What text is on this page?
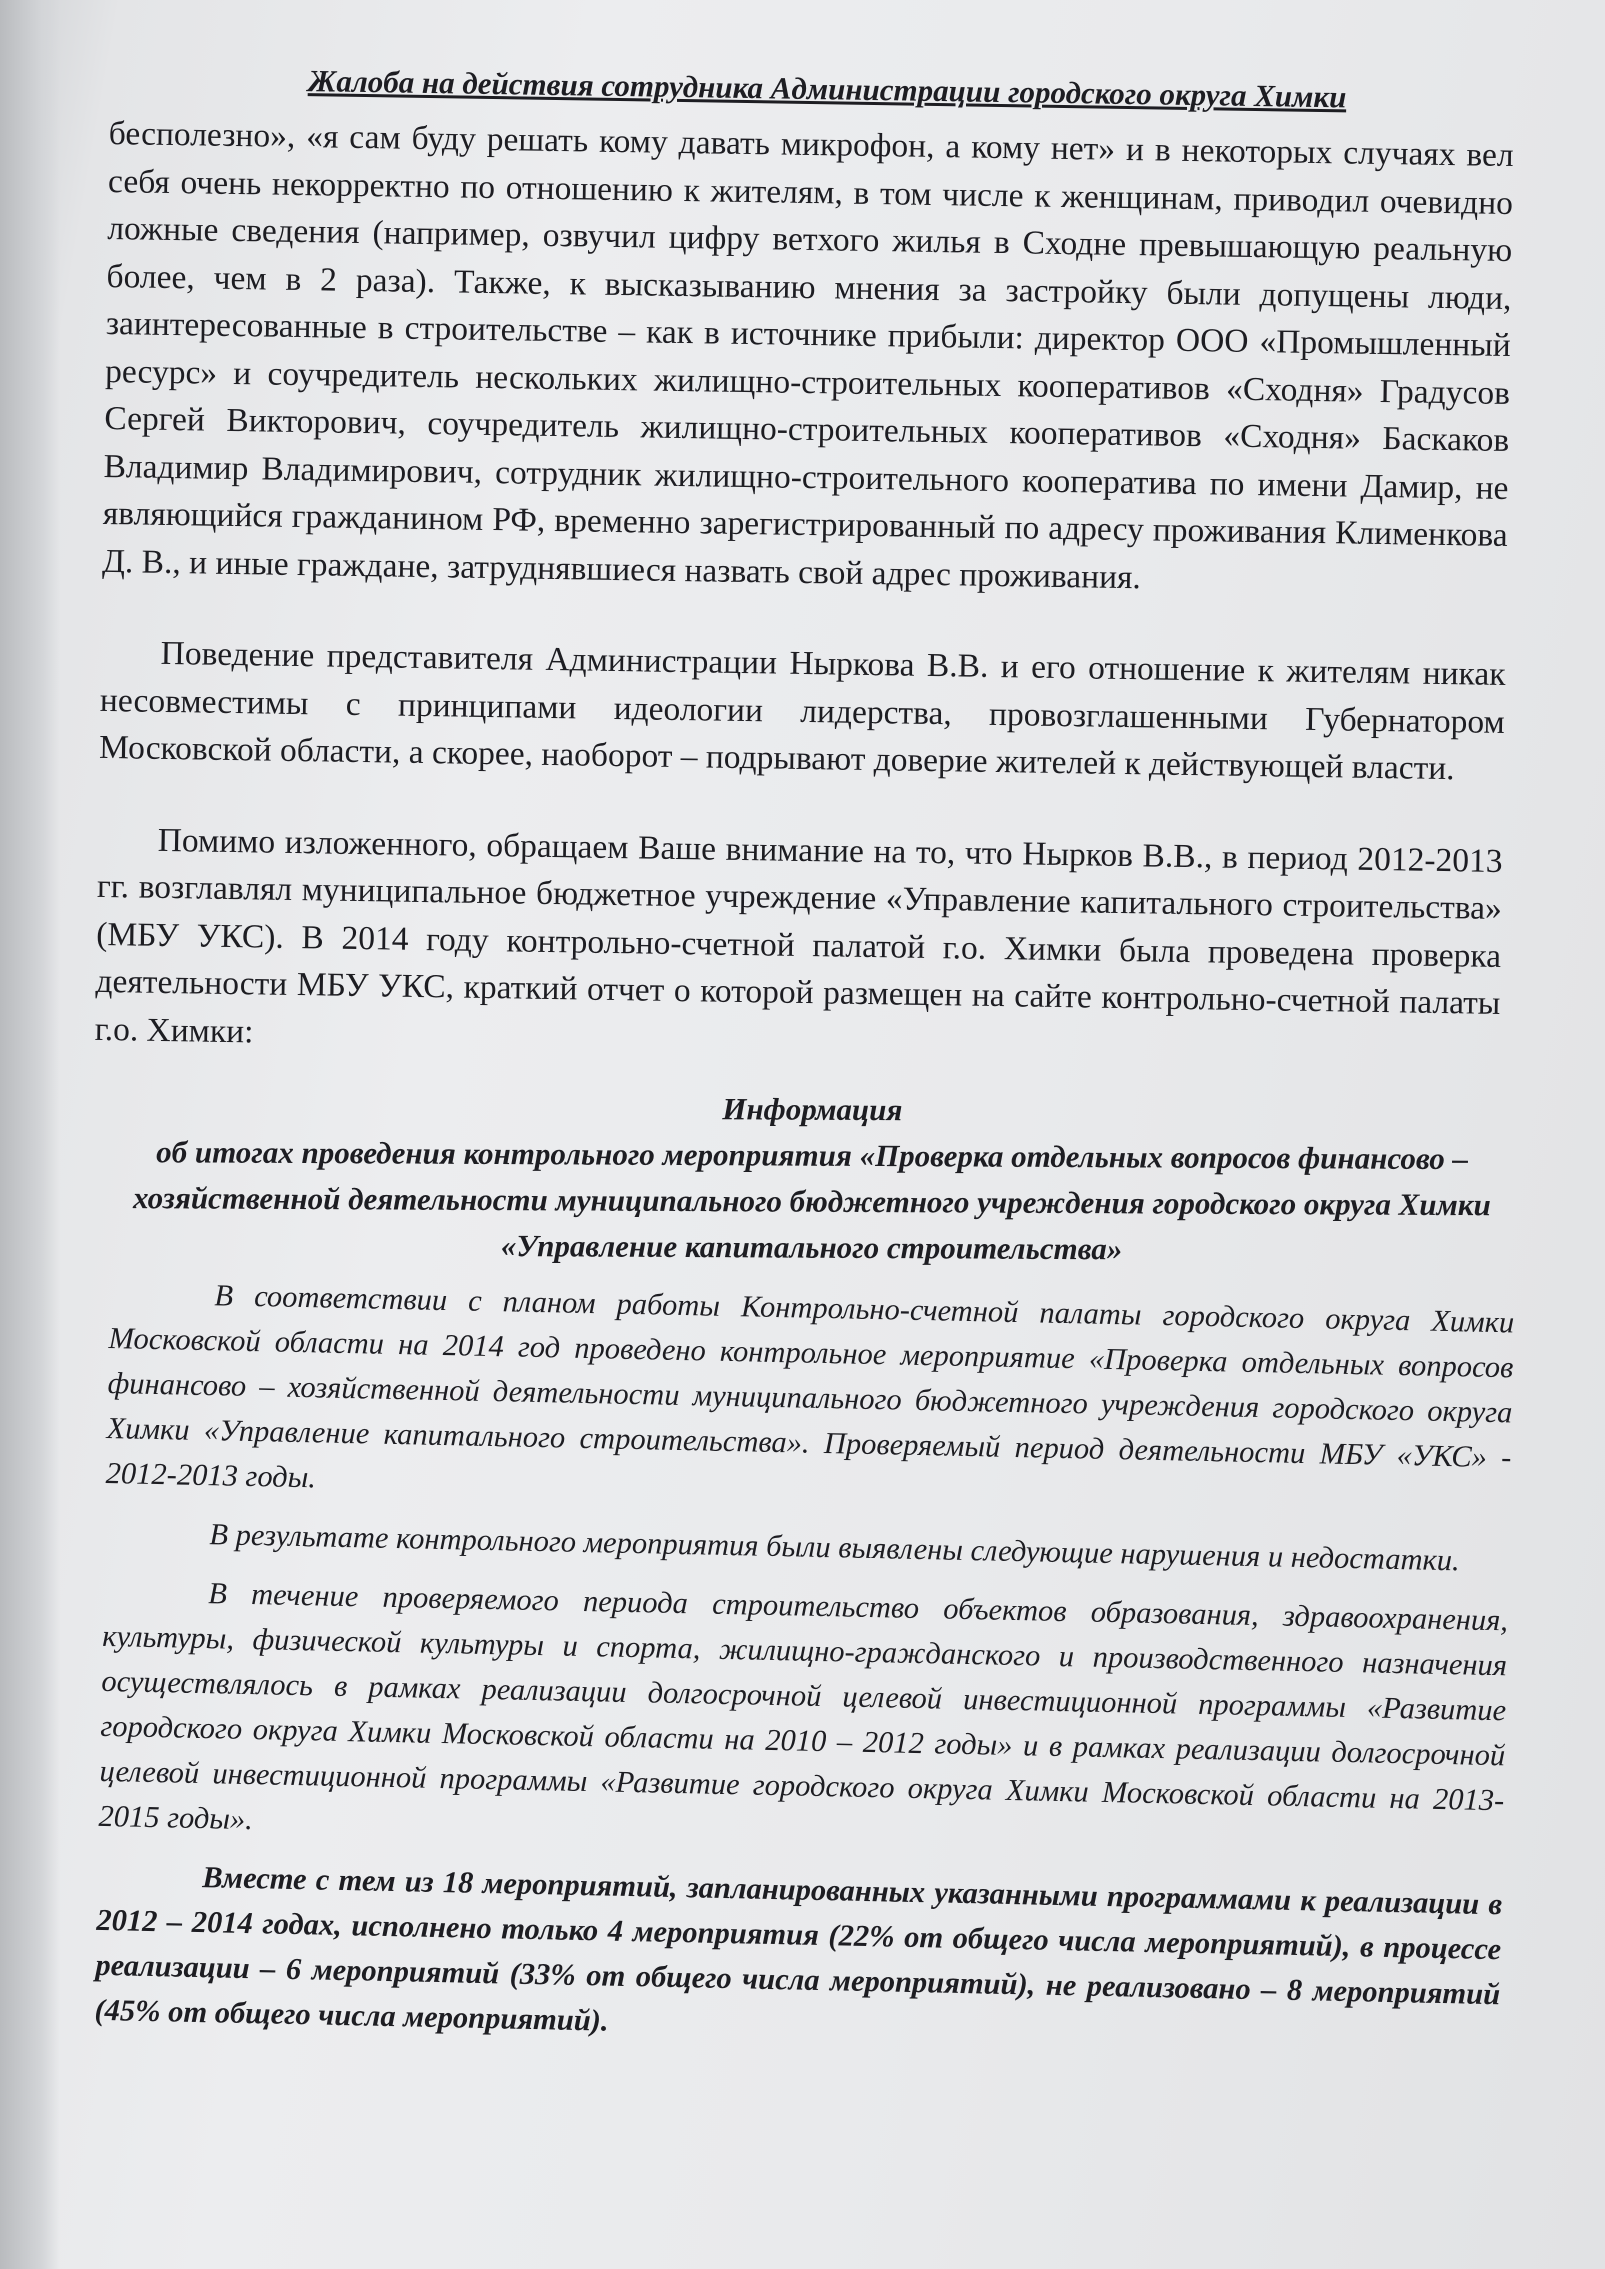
Жалоба на действия сотрудника Администрации городского округа Химки

бесполезно», «я сам буду решать кому давать микрофон, а кому нет» и в некоторых случаях вел себя очень некорректно по отношению к жителям, в том числе к женщинам, приводил очевидно ложные сведения (например, озвучил цифру ветхого жилья в Сходне превышающую реальную более, чем в 2 раза). Также, к высказыванию мнения за застройку были допущены люди, заинтересованные в строительстве – как в источнике прибыли: директор ООО «Промышленный ресурс» и соучредитель нескольких жилищно-строительных кооперативов «Сходня» Градусов Сергей Викторович, соучредитель жилищно-строительных кооперативов «Сходня» Баскаков Владимир Владимирович, сотрудник жилищно-строительного кооператива по имени Дамир, не являющийся гражданином РФ, временно зарегистрированный по адресу проживания Клименкова Д. В., и иные граждане, затруднявшиеся назвать свой адрес проживания.

Поведение представителя Администрации Ныркова В.В. и его отношение к жителям никак несовместимы с принципами идеологии лидерства, провозглашенными Губернатором Московской области, а скорее, наоборот – подрывают доверие жителей к действующей власти.

Помимо изложенного, обращаем Ваше внимание на то, что Нырков В.В., в период 2012-2013 гг. возглавлял муниципальное бюджетное учреждение «Управление капитального строительства» (МБУ УКС). В 2014 году контрольно-счетной палатой г.о. Химки была проведена проверка деятельности МБУ УКС, краткий отчет о которой размещен на сайте контрольно-счетной палаты г.о. Химки:

Информация

об итогах проведения контрольного мероприятия «Проверка отдельных вопросов финансово – хозяйственной деятельности муниципального бюджетного учреждения городского округа Химки «Управление капитального строительства»

В соответствии с планом работы Контрольно-счетной палаты городского округа Химки Московской области на 2014 год проведено контрольное мероприятие «Проверка отдельных вопросов финансово – хозяйственной деятельности муниципального бюджетного учреждения городского округа Химки «Управление капитального строительства». Проверяемый период деятельности МБУ «УКС» - 2012-2013 годы.

В результате контрольного мероприятия были выявлены следующие нарушения и недостатки.

В течение проверяемого периода строительство объектов образования, здравоохранения, культуры, физической культуры и спорта, жилищно-гражданского и производственного назначения осуществлялось в рамках реализации долгосрочной целевой инвестиционной программы «Развитие городского округа Химки Московской области на 2010 – 2012 годы» и в рамках реализации долгосрочной целевой инвестиционной программы «Развитие городского округа Химки Московской области на 2013-2015 годы».

Вместе с тем из 18 мероприятий, запланированных указанными программами к реализации в 2012 – 2014 годах, исполнено только 4 мероприятия (22% от общего числа мероприятий), в процессе реализации – 6 мероприятий (33% от общего числа мероприятий), не реализовано – 8 мероприятий (45% от общего числа мероприятий).
